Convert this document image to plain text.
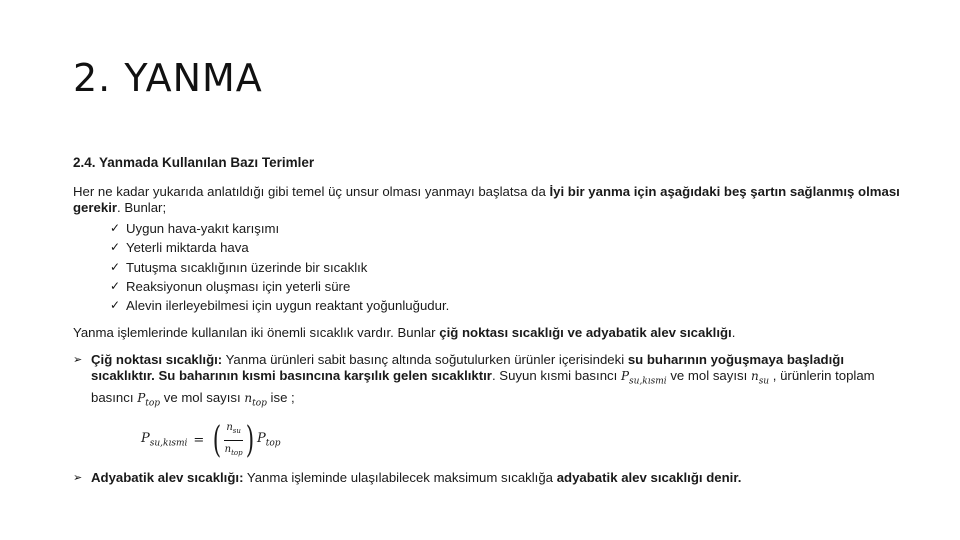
2. YANMA
2.4. Yanmada Kullanılan Bazı Terimler

Her ne kadar yukarıda anlatıldığı gibi temel üç unsur olması yanmayı başlatsa da İyi bir yanma için aşağıdaki beş şartın sağlanmış olması gerekir. Bunlar;

✓ Uygun hava-yakıt karışımı
✓ Yeterli miktarda hava
✓ Tutuşma sıcaklığının üzerinde bir sıcaklık
✓ Reaksiyonun oluşması için yeterli süre
✓ Alevin ilerleyebilmesi için uygun reaktant yoğunluğudur.

Yanma işlemlerinde kullanılan iki önemli sıcaklık vardır. Bunlar çiğ noktası sıcaklığı ve adyabatik alev sıcaklığı.

➢ Çiğ noktası sıcaklığı: Yanma ürünleri sabit basınç altında soğutulurken ürünler içerisindeki su buharının yoğuşmaya başladığı sıcaklıktır. Su baharının kısmi basıncına karşılık gelen sıcaklıktır. Suyun kısmi basıncı $P_{su,kısmi}$ ve mol sayısı $n_{su}$ , ürünlerin toplam basıncı $P_{top}$ ve mol sayısı $n_{top}$ ise ;
$P_{su,kısmi}$ = ( $\frac{n_{su}}{n_{top}}$ ) $P_{top}$
➢ Adyabatik alev sıcaklığı: Yanma işleminde ulaşılabilecek maksimum sıcaklığa adyabatik alev sıcaklığı denir.
